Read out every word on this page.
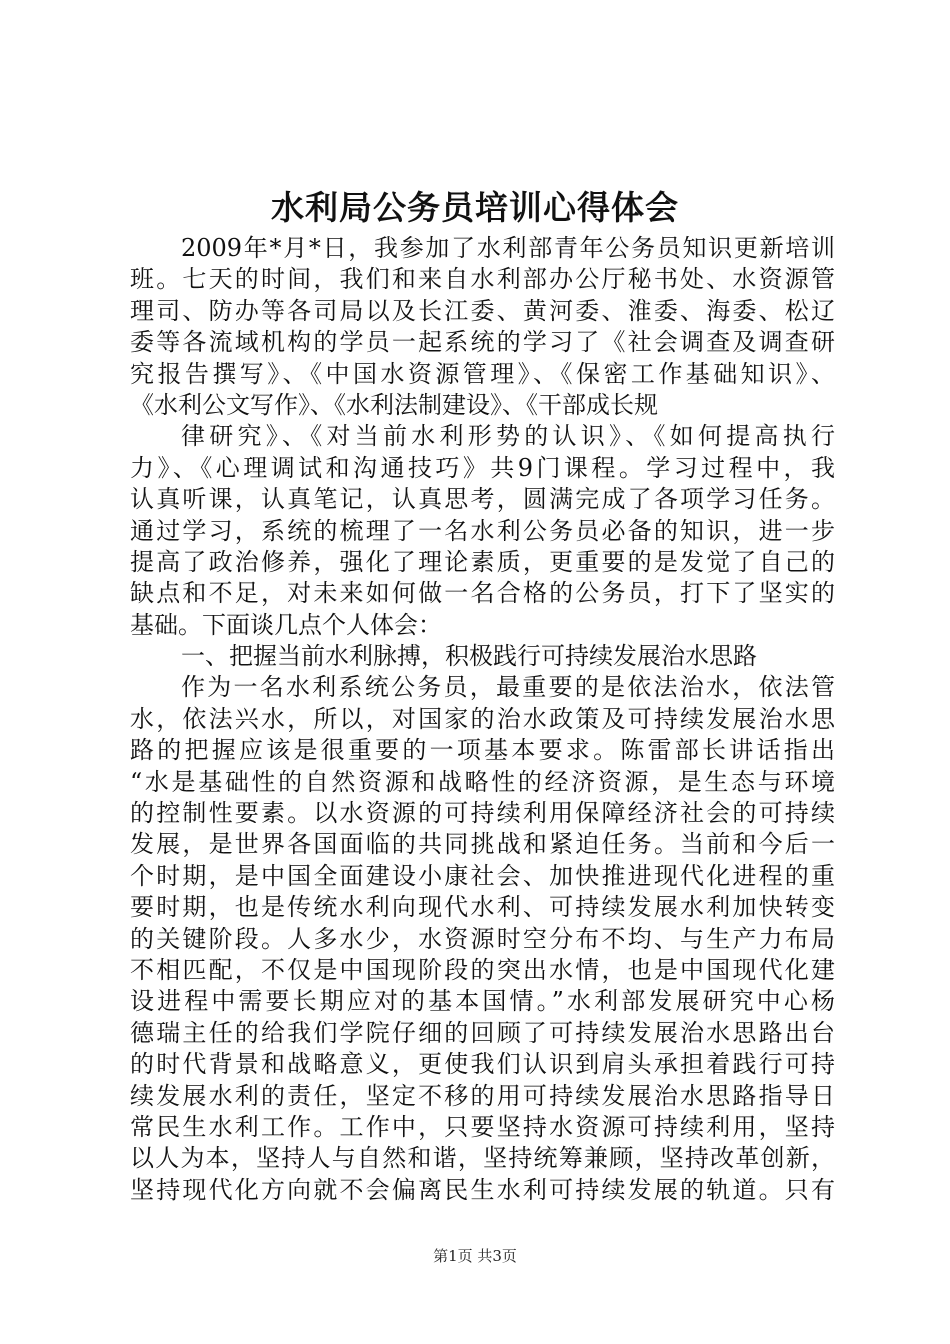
水利局公务员培训心得体会
2009年*月*日，我参加了水利部青年公务员知识更新培训
班。七天的时间，我们和来自水利部办公厅秘书处、水资源管
理司、防办等各司局以及长江委、黄河委、淮委、海委、松辽
委等各流域机构的学员一起系统的学习了《社会调查及调查研
究报告撰写》、《中国水资源管理》、《保密工作基础知识》、
《水利公文写作》、《水利法制建设》、《干部成长规
律研究》、《对当前水利形势的认识》、《如何提高执行
力》、《心理调试和沟通技巧》共9门课程。学习过程中，我
认真听课，认真笔记，认真思考，圆满完成了各项学习任务。
通过学习，系统的梳理了一名水利公务员必备的知识，进一步
提高了政治修养，强化了理论素质，更重要的是发觉了自己的
缺点和不足，对未来如何做一名合格的公务员，打下了坚实的
基础。下面谈几点个人体会：
一、把握当前水利脉搏，积极践行可持续发展治水思路
作为一名水利系统公务员，最重要的是依法治水，依法管
水，依法兴水，所以，对国家的治水政策及可持续发展治水思
路的把握应该是很重要的一项基本要求。陈雷部长讲话指出
“水是基础性的自然资源和战略性的经济资源，是生态与环境
的控制性要素。以水资源的可持续利用保障经济社会的可持续
发展，是世界各国面临的共同挑战和紧迫任务。当前和今后一
个时期，是中国全面建设小康社会、加快推进现代化进程的重
要时期，也是传统水利向现代水利、可持续发展水利加快转变
的关键阶段。人多水少，水资源时空分布不均、与生产力布局
不相匹配，不仅是中国现阶段的突出水情，也是中国现代化建
设进程中需要长期应对的基本国情。”水利部发展研究中心杨
德瑞主任的给我们学院仔细的回顾了可持续发展治水思路出台
的时代背景和战略意义，更使我们认识到肩头承担着践行可持
续发展水利的责任，坚定不移的用可持续发展治水思路指导日
常民生水利工作。工作中，只要坚持水资源可持续利用，坚持
以人为本，坚持人与自然和谐，坚持统筹兼顾，坚持改革创新，
坚持现代化方向就不会偏离民生水利可持续发展的轨道。只有
第1页 共3页
